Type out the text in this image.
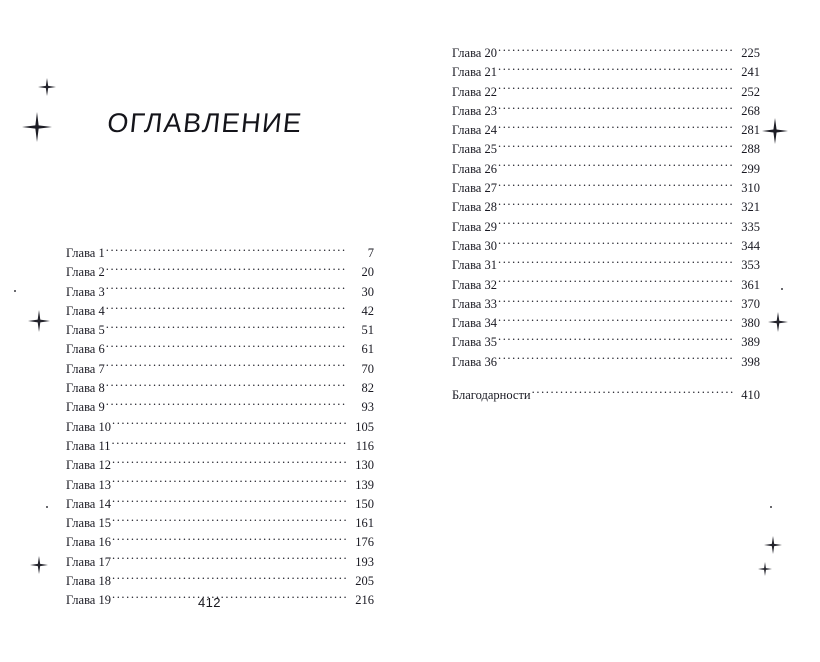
ОГЛАВЛЕНИЕ
Глава 1 .....	7
Глава 2 .....	20
Глава 3 .....	30
Глава 4 .....	42
Глава 5 .....	51
Глава 6 .....	61
Глава 7 .....	70
Глава 8 .....	82
Глава 9 .....	93
Глава 10 .....	105
Глава 11 .....	116
Глава 12 .....	130
Глава 13 .....	139
Глава 14 .....	150
Глава 15 .....	161
Глава 16 .....	176
Глава 17 .....	193
Глава 18 .....	205
Глава 19 .....	216
412
Глава 20 .....	225
Глава 21 .....	241
Глава 22 .....	252
Глава 23 .....	268
Глава 24 .....	281
Глава 25 .....	288
Глава 26 .....	299
Глава 27 .....	310
Глава 28 .....	321
Глава 29 .....	335
Глава 30 .....	344
Глава 31 .....	353
Глава 32 .....	361
Глава 33 .....	370
Глава 34 .....	380
Глава 35 .....	389
Глава 36 .....	398
Благодарности .....	410
